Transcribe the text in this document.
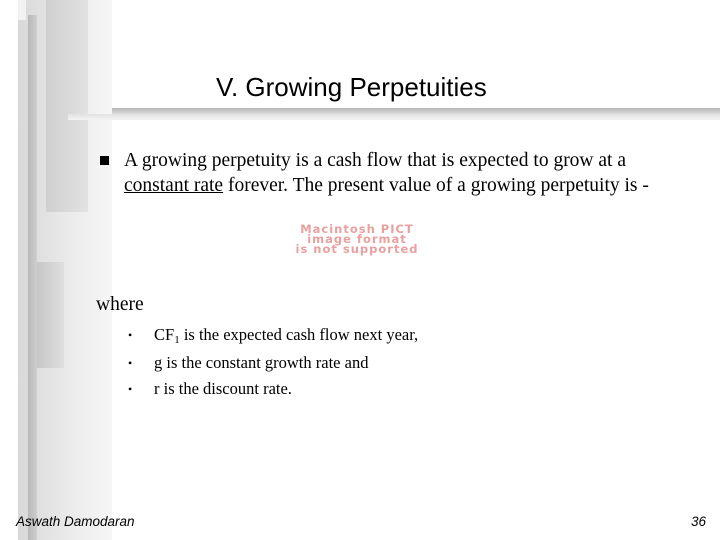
V. Growing Perpetuities
A growing perpetuity is a cash flow that is expected to grow at a
constant rate forever. The present value of a growing perpetuity is -
Macintosh PICT
image format
is not supported
where
• CF1 is the expected cash flow next year,
• g is the constant growth rate and
• r is the discount rate.
Aswath Damodaran	36
